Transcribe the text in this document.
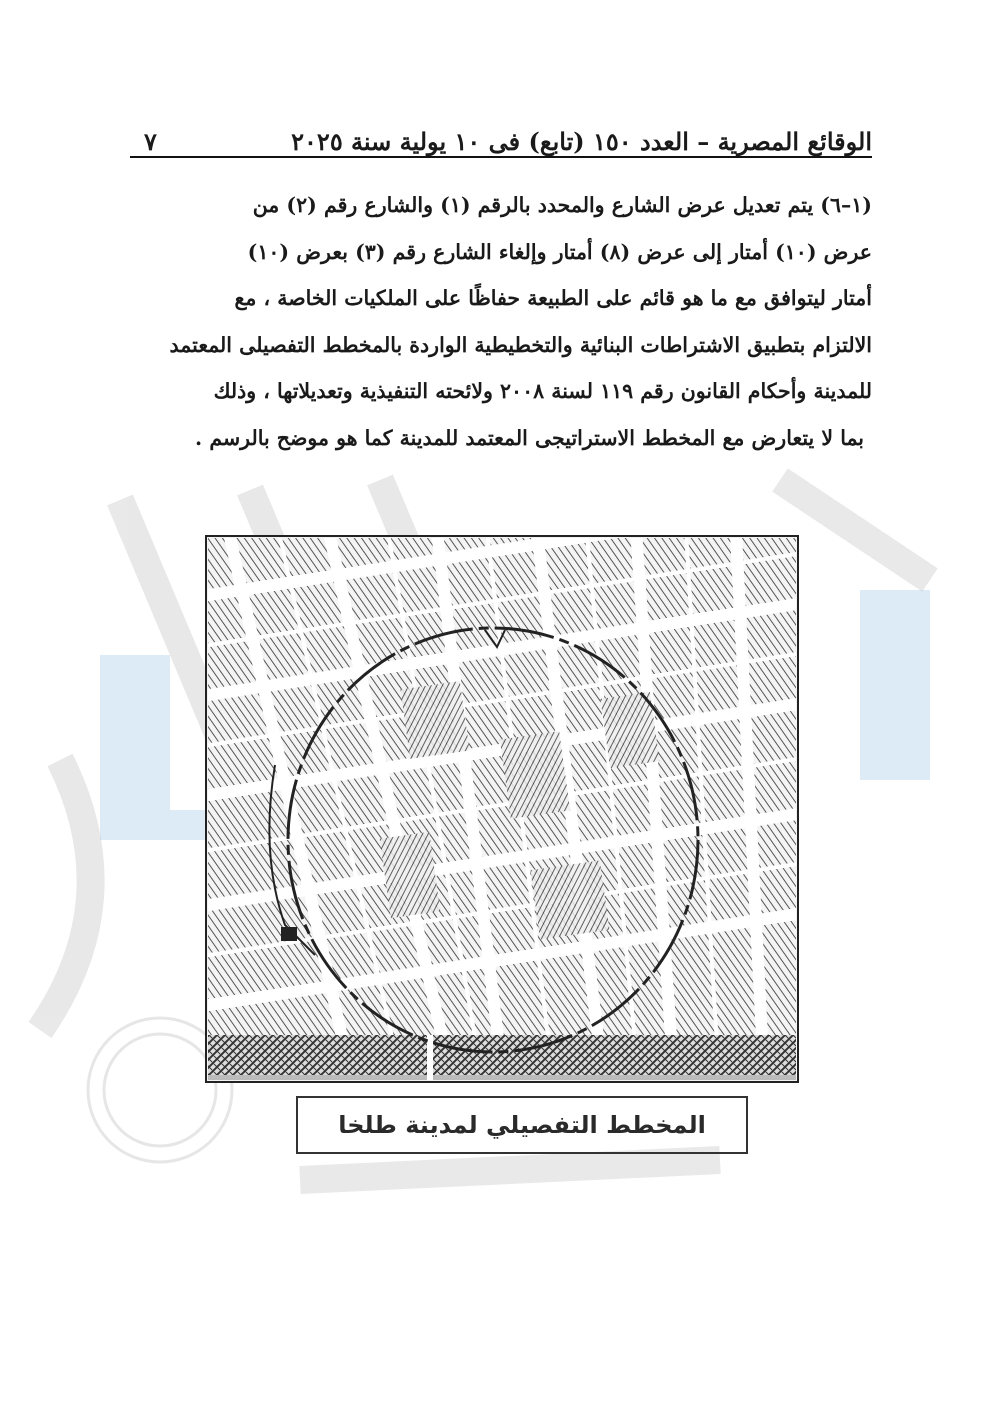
الوقائع المصرية – العدد ١٥٠ (تابع) فى ١٠ يولية سنة ٢٠٢٥
٧

(١–٦) يتم تعديل عرض الشارع والمحدد بالرقم (١) والشارع رقم (٢) من

عرض (١٠) أمتار إلى عرض (٨) أمتار وإلغاء الشارع رقم (٣) بعرض (١٠)

أمتار ليتوافق مع ما هو قائم على الطبيعة حفاظًا على الملكيات الخاصة ، مع

الالتزام بتطبيق الاشتراطات البنائية والتخطيطية الواردة بالمخطط التفصيلى المعتمد

للمدينة وأحكام القانون رقم ١١٩ لسنة ٢٠٠٨ ولائحته التنفيذية وتعديلاتها ، وذلك

بما لا يتعارض مع المخطط الاستراتيجى المعتمد للمدينة كما هو موضح بالرسم .

المخطط التفصيلي لمدينة طلخا
